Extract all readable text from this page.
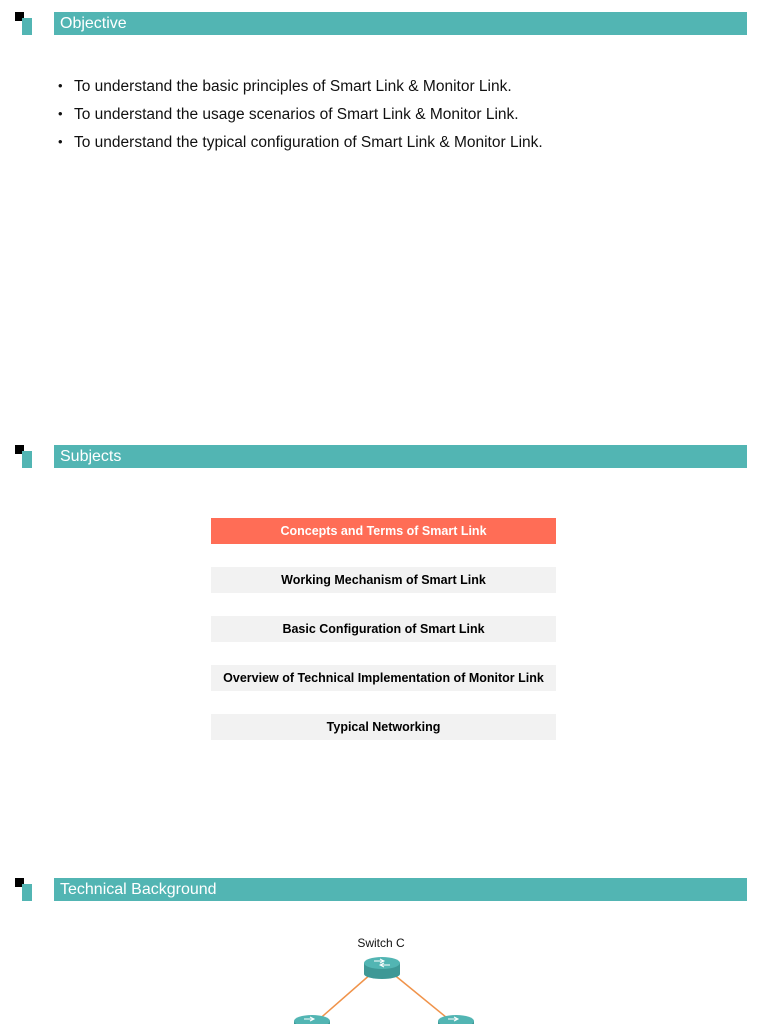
Objective
• To understand the basic principles of Smart Link & Monitor Link.
• To understand the usage scenarios of Smart Link & Monitor Link.
• To understand the typical configuration of Smart Link & Monitor Link.
Subjects
Concepts and Terms of Smart Link
Working Mechanism of Smart Link
Basic Configuration of Smart Link
Overview of Technical Implementation of Monitor Link
Typical Networking
Technical Background
Switch C
